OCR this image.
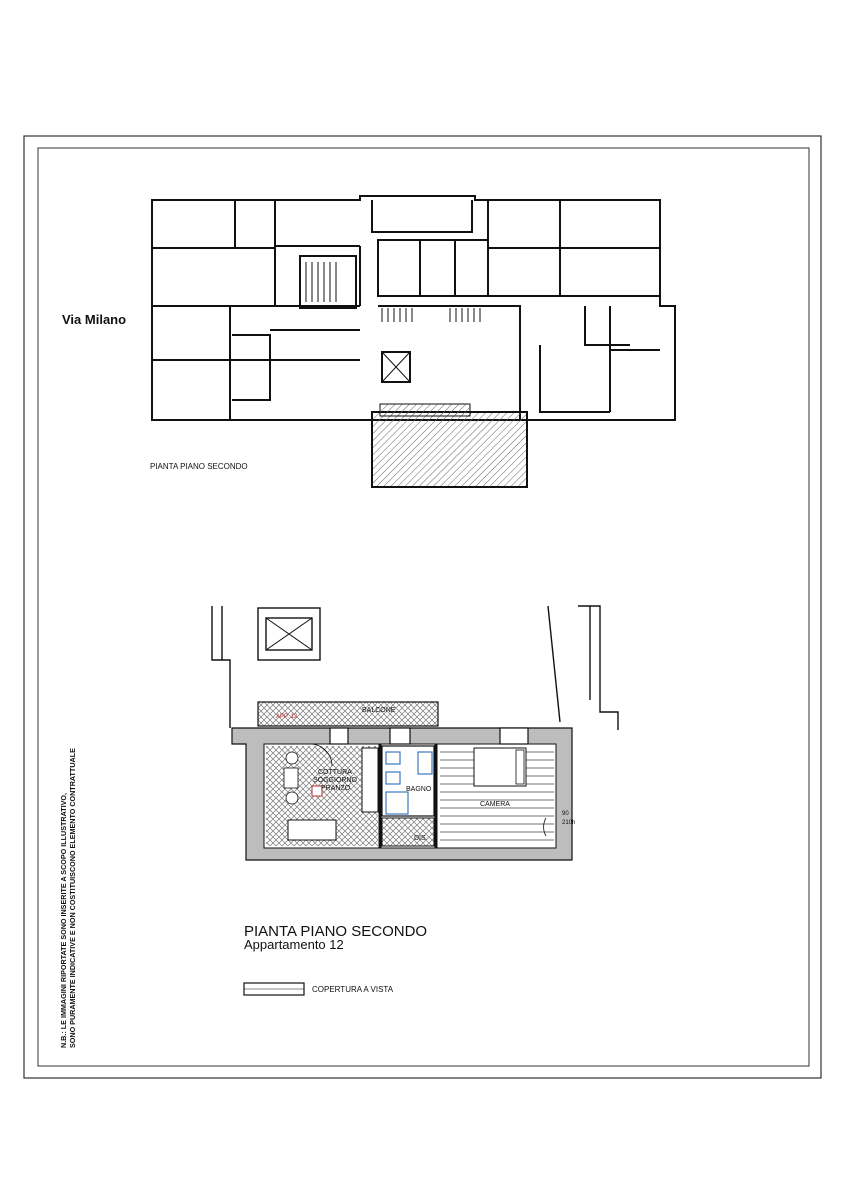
Via Milano
PIANTA PIANO SECONDO
APP. 12
BALCONE
COTTURA
SOGGIORNO
PRANZO	BAGNO
CAMERA
DIS.
90
210h
PIANTA PIANO SECONDO
Appartamento 12
COPERTURA A VISTA
N.B.: LE IMMAGINI RIPORTATE SONO INSERITE A SCOPO ILLUSTRATIVO, SONO PURAMENTE INDICATIVE E NON COSTITUISCONO ELEMENTO CONTRATTUALE
